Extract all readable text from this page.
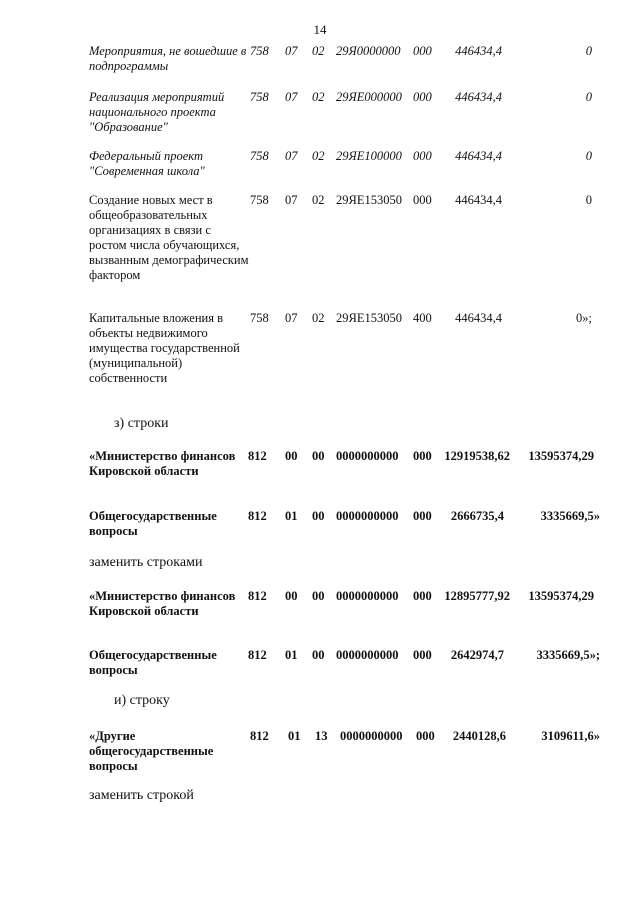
14
Мероприятия, не вошедшие в подпрограммы
758 07 02 29Я0000000 000	446434,4	0
Реализация мероприятий национального проекта "Образование"
758 07 02 29ЯЕ000000 000	446434,4	0
Федеральный проект "Современная школа"
758 07 02 29ЯЕ100000 000	446434,4	0
Создание новых мест в общеобразовательных организациях в связи с ростом числа обучающихся, вызванным демографическим фактором
758 07 02 29ЯЕ153050 000	446434,4	0
Капитальные вложения в объекты недвижимого имущества государственной (муниципальной) собственности
758 07 02 29ЯЕ153050 400	446434,4	0»;
з) строки
«Министерство финансов Кировской области
812 00 00 0000000000 000	12919538,62	13595374,29
Общегосударственные вопросы
812 01 00 0000000000 000	2666735,4	3335669,5»
заменить строками
«Министерство финансов Кировской области
812 00 00 0000000000 000	12895777,92	13595374,29
Общегосударственные вопросы
812 01 00 0000000000 000	2642974,7	3335669,5»;
и) строку
«Другие общегосударственные вопросы
812 01 13 0000000000 000	2440128,6	3109611,6»
заменить строкой
